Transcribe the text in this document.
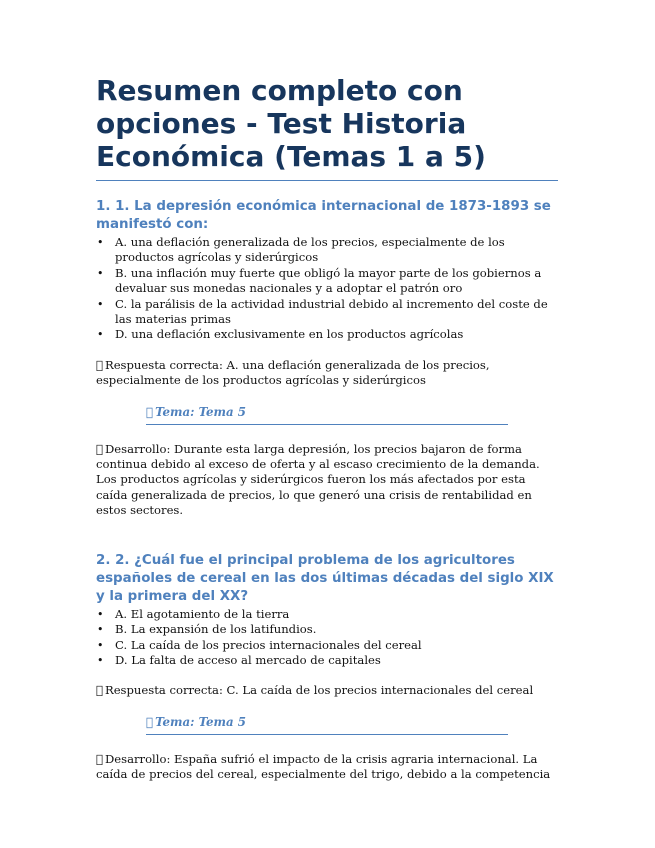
Resumen completo con opciones - Test Historia Económica (Temas 1 a 5)
1. 1. La depresión económica internacional de 1873-1893 se manifestó con:
• A. una deflación generalizada de los precios, especialmente de los productos agrícolas y siderúrgicos
• B. una inflación muy fuerte que obligó la mayor parte de los gobiernos a devaluar sus monedas nacionales y a adoptar el patrón oro
• C. la parálisis de la actividad industrial debido al incremento del coste de las materias primas
• D. una deflación exclusivamente en los productos agrícolas

Respuesta correcta: A. una deflación generalizada de los precios, especialmente de los productos agrícolas y siderúrgicos

Tema: Tema 5

Desarrollo: Durante esta larga depresión, los precios bajaron de forma continua debido al exceso de oferta y al escaso crecimiento de la demanda. Los productos agrícolas y siderúrgicos fueron los más afectados por esta caída generalizada de precios, lo que generó una crisis de rentabilidad en estos sectores.

2. 2. ¿Cuál fue el principal problema de los agricultores españoles de cereal en las dos últimas décadas del siglo XIX y la primera del XX?
• A. El agotamiento de la tierra
• B. La expansión de los latifundios.
• C. La caída de los precios internacionales del cereal
• D. La falta de acceso al mercado de capitales

Respuesta correcta: C. La caída de los precios internacionales del cereal

Tema: Tema 5

Desarrollo: España sufrió el impacto de la crisis agraria internacional. La caída de precios del cereal, especialmente del trigo, debido a la competencia
